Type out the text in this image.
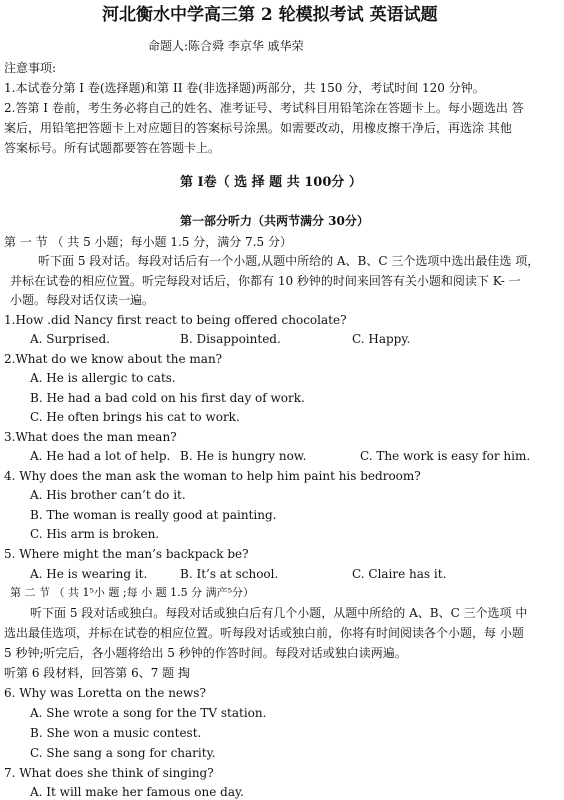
河北衡水中学高三第 2 轮模拟考试 英语试题
命题人:陈合舜 李京华 戚华荣
注意事项:
1.本试卷分第 I 卷(选择题)和第 II 卷(非选择题)两部分，共 150 分，考试时间 120 分钟。
2.答第 I 卷前，考生务必将自己的姓名、准考证号、考试科目用铅笔涂在答题卡上。每小题选出 答
案后，用铅笔把答题卡上对应题目的答案标号涂黑。如需要改动，用橡皮擦干净后，再选涂 其他
答案标号。所有试题都要答在答题卡上。
第 I卷（ 选 择 题 共 100分 ）
第一部分听力（共两节满分 30分）
第 一 节 （ 共 5 小题；每小题 1.5 分，满分 7.5 分）
听下面 5 段对话。每段对话后有一个小题,从题中所给的 A、B、C 三个选项中选出最佳选 项，
并标在试卷的相应位置。听完每段对话后，你都有 10 秒钟的时间来回答有关小题和阅读下 K- 一
小题。每段对话仅读一遍。
1.How .did Nancy first react to being offered chocolate?
A. Surprised.	B. Disappointed.	C. Happy.
2.What do we know about the man?
A. He is allergic to cats.
B. He had a bad cold on his first day of work.
C. He often brings his cat to work.
3.What does the man mean?
A. He had a lot of help. B. He is hungry now.	C. The work is easy for him.
4. Why does the man ask the woman to help him paint his bedroom?
A. His brother can’t do it.
B. The woman is really good at painting.
C. His arm is broken.
5. Where might the man’s backpack be?
A. He is wearing it.	B. It’s at school.	C. Claire has it.
第 二 节 （ 共 1⁵小 题 ;每 小 题 1.5 分 满产⁵分）
听下面 5 段对话或独白。每段对话或独白后有几个小题，从题中所给的 A、B、C 三个选项 中
选出最佳选项，并标在试卷的相应位置。听每段对话或独白前，你将有时间阅读各个小题，每 小题
5 秒钟;听完后，各小题将给出 5 秒钟的作答时间。每段对话或独白读两遍。
听第 6 段材料，回答第 6、7 题 掏
6. Why was Loretta on the news?
A. She wrote a song for the TV station.
B. She won a music contest.
C. She sang a song for charity.
7. What does she think of singing?
A. It will make her famous one day.
